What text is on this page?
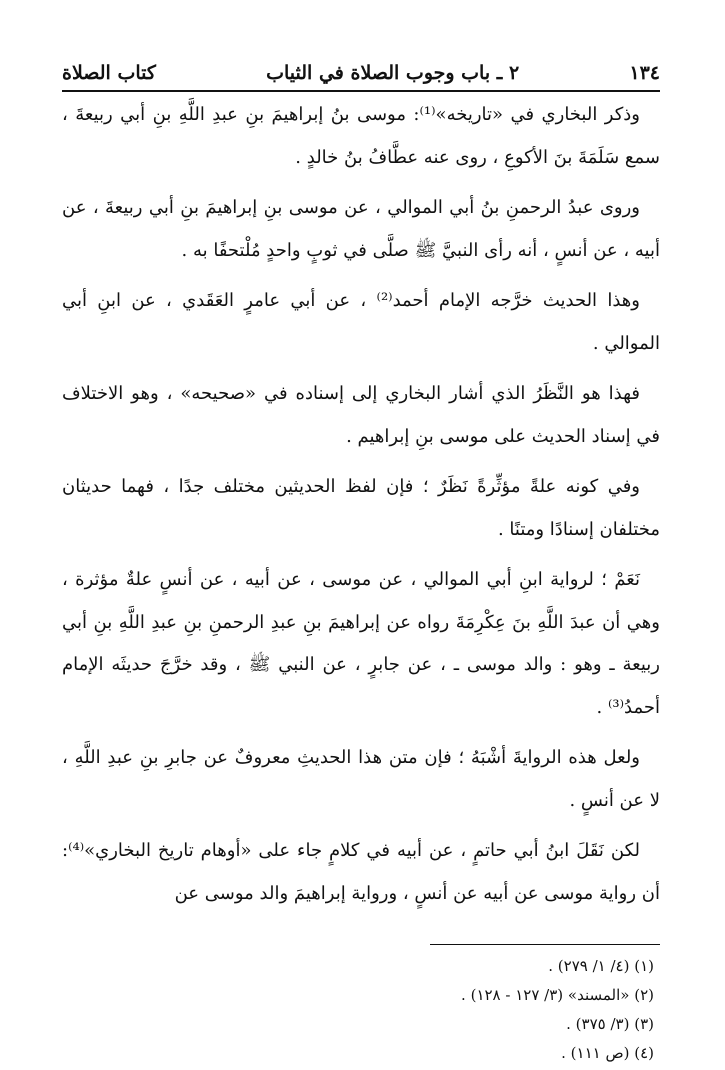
١٣٤
٢ ـ باب وجوب الصلاة في الثياب
كتاب الصلاة

وذكر البخاري في «تاريخه»⁽¹⁾: موسى بنُ إبراهيمَ بنِ عبدِ اللَّهِ بنِ أبي ربيعةَ ، سمع سَلَمَةَ بنَ الأكوعِ ، روى عنه عطَّافُ بنُ خالدٍ .

وروى عبدُ الرحمنِ بنُ أبي الموالي ، عن موسى بنِ إبراهيمَ بنِ أبي ربيعةَ ، عن أبيه ، عن أنسٍ ، أنه رأى النبيَّ ﷺ صلَّى في ثوبٍ واحدٍ مُلْتحفًا به .

وهذا الحديث خرَّجه الإمام أحمد⁽²⁾ ، عن أبي عامرٍ العَقَدي ، عن ابنِ أبي الموالي .

فهذا هو النَّظَرُ الذي أشار البخاري إلى إسناده في «صحيحه» ، وهو الاختلاف في إسناد الحديث على موسى بنِ إبراهيم .

وفي كونه علةً مؤثِّرةً نَظَرٌ ؛ فإن لفظ الحديثين مختلف جدًا ، فهما حديثان مختلفان إسنادًا ومتنًا .

نَعَمْ ؛ لرواية ابنِ أبي الموالي ، عن موسى ، عن أبيه ، عن أنسٍ علةٌ مؤثرة ، وهي أن عبدَ اللَّهِ بنَ عِكْرِمَةَ رواه عن إبراهيمَ بنِ عبدِ الرحمنِ بنِ عبدِ اللَّهِ بنِ أبي ربيعة ـ وهو : والد موسى ـ ، عن جابرٍ ، عن النبي ﷺ ، وقد خرَّجَ حديثَه الإمام أحمدُ⁽³⁾ .

ولعل هذه الروايةَ أشْبَهُ ؛ فإن متن هذا الحديثِ معروفٌ عن جابرِ بنِ عبدِ اللَّهِ ، لا عن أنسٍ .

لكن نَقَلَ ابنُ أبي حاتمٍ ، عن أبيه في كلامٍ جاء على «أوهام تاريخ البخاري»⁽⁴⁾: أن رواية موسى عن أبيه عن أنسٍ ، ورواية إبراهيمَ والد موسى عن

(١) (٤/ ١/ ٢٧٩) .
(٢) «المسند» (٣/ ١٢٧ - ١٢٨) .
(٣) (٣/ ٣٧٥) .
(٤) (ص ١١١) .
